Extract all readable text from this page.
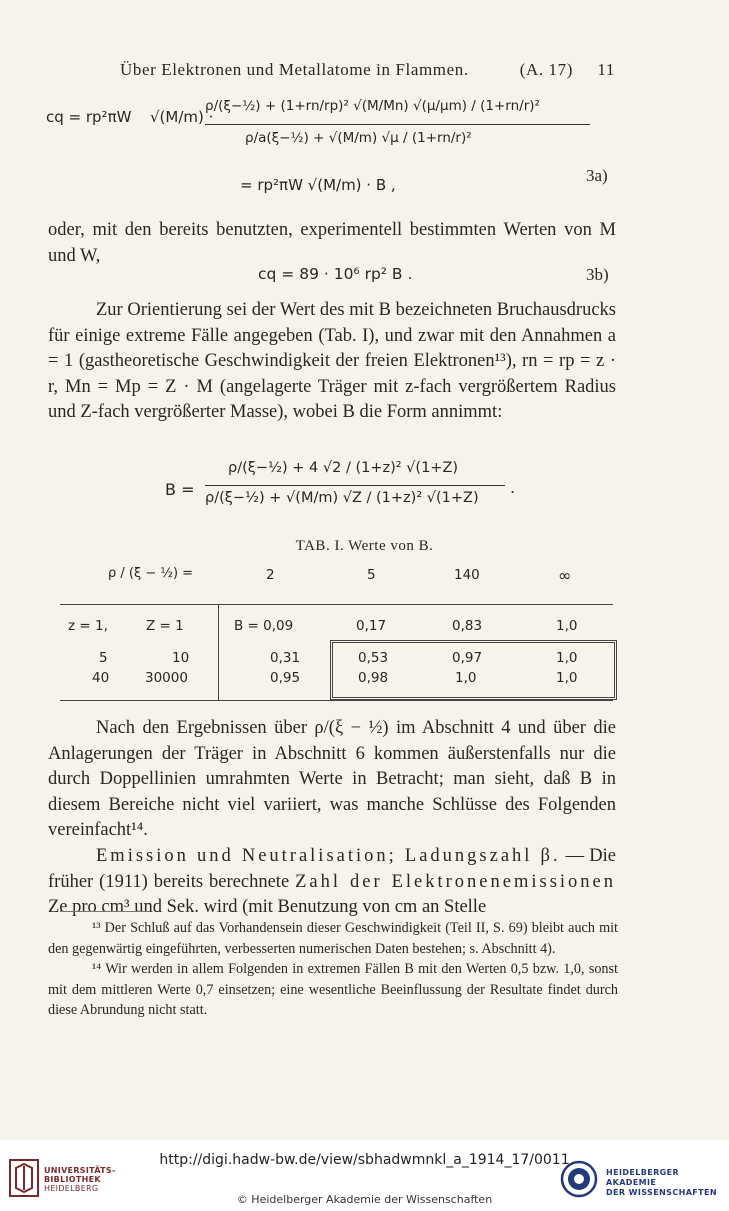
Über Elektronen und Metallatome in Flammen.	(A. 17) 11
cq = rp²πW √(M/m) ·
ρ/(ξ−½) + (1+rn/rp)² √(M/Mn) √(μ/μm) / (1+rn/r)²
ρ/a(ξ−½) + √(M/m) √μ / (1+rn/r)²
= rp²πW √(M/m) · B ,	3a)

oder, mit den bereits benutzten, experimentell bestimmten Werten von M und W,

cq = 89 · 10⁶ rp² B .	3b)

Zur Orientierung sei der Wert des mit B bezeichneten Bruchausdrucks für einige extreme Fälle angegeben (Tab. I), und zwar mit den Annahmen a = 1 (gastheoretische Geschwindigkeit der freien Elektronen¹³), rn = rp = z · r, Mn = Mp = Z · M (angelagerte Träger mit z-fach vergrößertem Radius und Z-fach vergrößerter Masse), wobei B die Form annimmt:

B =
ρ/(ξ−½) + 4 √2 / (1+z)² √(1+Z)
ρ/(ξ−½) + √(M/m) √Z / (1+z)² √(1+Z)
.
TAB. I. Werte von B.
ρ / (ξ − ½) =	2	5	140	∞
z = 1,	Z = 1	B = 0,09	0,17	0,83	1,0
5	10	0,31	0,53	0,97	1,0
40	30000	0,95	0,98	1,0	1,0

Nach den Ergebnissen über ρ/(ξ − ½) im Abschnitt 4 und über die Anlagerungen der Träger in Abschnitt 6 kommen äußerstenfalls nur die durch Doppellinien umrahmten Werte in Betracht; man sieht, daß B in diesem Bereiche nicht viel variiert, was manche Schlüsse des Folgenden vereinfacht¹⁴.

Emission und Neutralisation; Ladungszahl β. — Die früher (1911) bereits berechnete Zahl der Elektronenemissionen Ze pro cm³ und Sek. wird (mit Benutzung von cm an Stelle

¹³ Der Schluß auf das Vorhandensein dieser Geschwindigkeit (Teil II, S. 69) bleibt auch mit den gegenwärtig eingeführten, verbesserten numerischen Daten bestehen; s. Abschnitt 4).

¹⁴ Wir werden in allem Folgenden in extremen Fällen B mit den Werten 0,5 bzw. 1,0, sonst mit dem mittleren Werte 0,7 einsetzen; eine wesentliche Beeinflussung der Resultate findet durch diese Abrundung nicht statt.

UNIVERSITÄTS-
BIBLIOTHEK
HEIDELBERG
http://digi.hadw-bw.de/view/sbhadwmnkl_a_1914_17/0011
© Heidelberger Akademie der Wissenschaften
HEIDELBERGER AKADEMIE
DER WISSENSCHAFTEN
